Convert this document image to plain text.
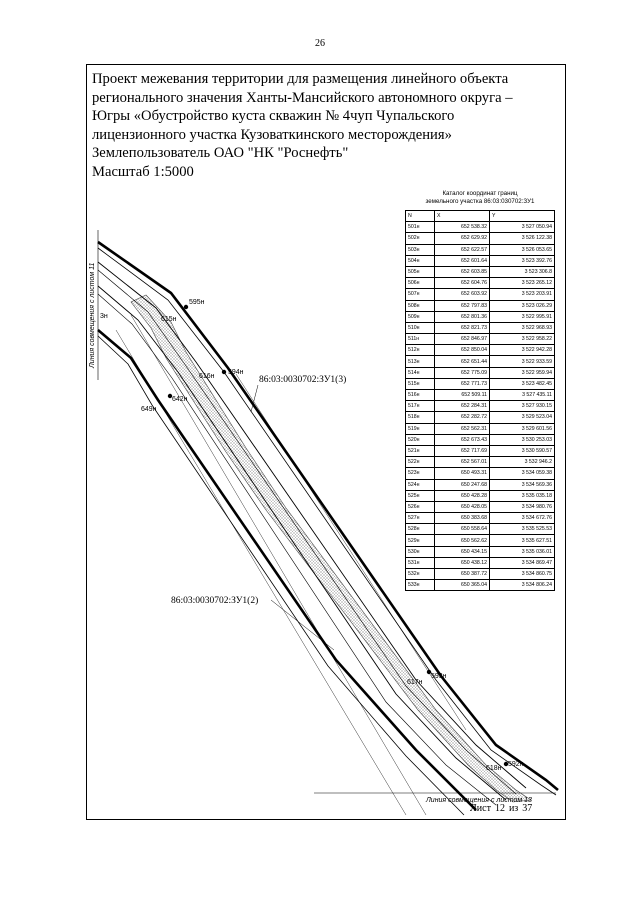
26
Проект межевания территории для размещения линейного объекта
регионального значения Ханты-Мансийского автономного округа –
Югры «Обустройство куста скважин № 4чуп Чупальского
лицензионного участка Кузоваткинского месторождения»
Землепользователь ОАО "НК "Роснефть"
Масштаб 1:5000
595н
615н
3н
616н
594н
642н
649н
617н
593н
618н
592н
86:03:0030702:ЗУ1(3)
86:03:0030702:ЗУ1(2)
Линия совмещения с листом 11
Линия совмещения с листом 13
Каталог координат границ
земельного участка 86:03:030702:ЗУ1
N	X	Y
501н	652 538.32	3 527 050.94
502н	652 629.92	3 526 122.38
503н	652 622.57	3 526 053.65
504н	652 601.64	3 523 392.76
505н	652 603.85	3 523 306.8
506н	652 604.76	3 523 265.12
507н	652 603.92	3 523 203.91
508н	652 797.83	3 523 026.29
509н	652 801.36	3 522 995.91
510н	652 821.73	3 522 968.93
511н	652 846.97	3 522 958.22
512н	652 850.04	3 522 942.28
513н	652 651.44	3 522 933.59
514н	652 775.09	3 522 959.94
515н	652 771.73	3 523 482.45
516н	652 509.11	3 527 435.11
517н	652 284.31	3 527 930.15
518н	652 282.72	3 529 523.04
519н	652 562.31	3 529 601.56
520н	652 673.43	3 530 253.03
521н	652 717.69	3 530 590.57
522н	652 567.01	3 532 946.2
523н	650 493.31	3 534 059.38
524н	650 247.68	3 534 569.36
525н	650 428.28	3 535 035.18
526н	650 428.05	3 534 980.76
527н	650 383.68	3 534 672.76
528н	650 558.64	3 535 525.53
529н	650 562.62	3 535 627.51
530н	650 434.15	3 535 036.01
531н	650 438.12	3 534 869.47
532н	650 387.72	3 534 860.75
533н	650 365.04	3 534 806.24
Лист 12 из 37
